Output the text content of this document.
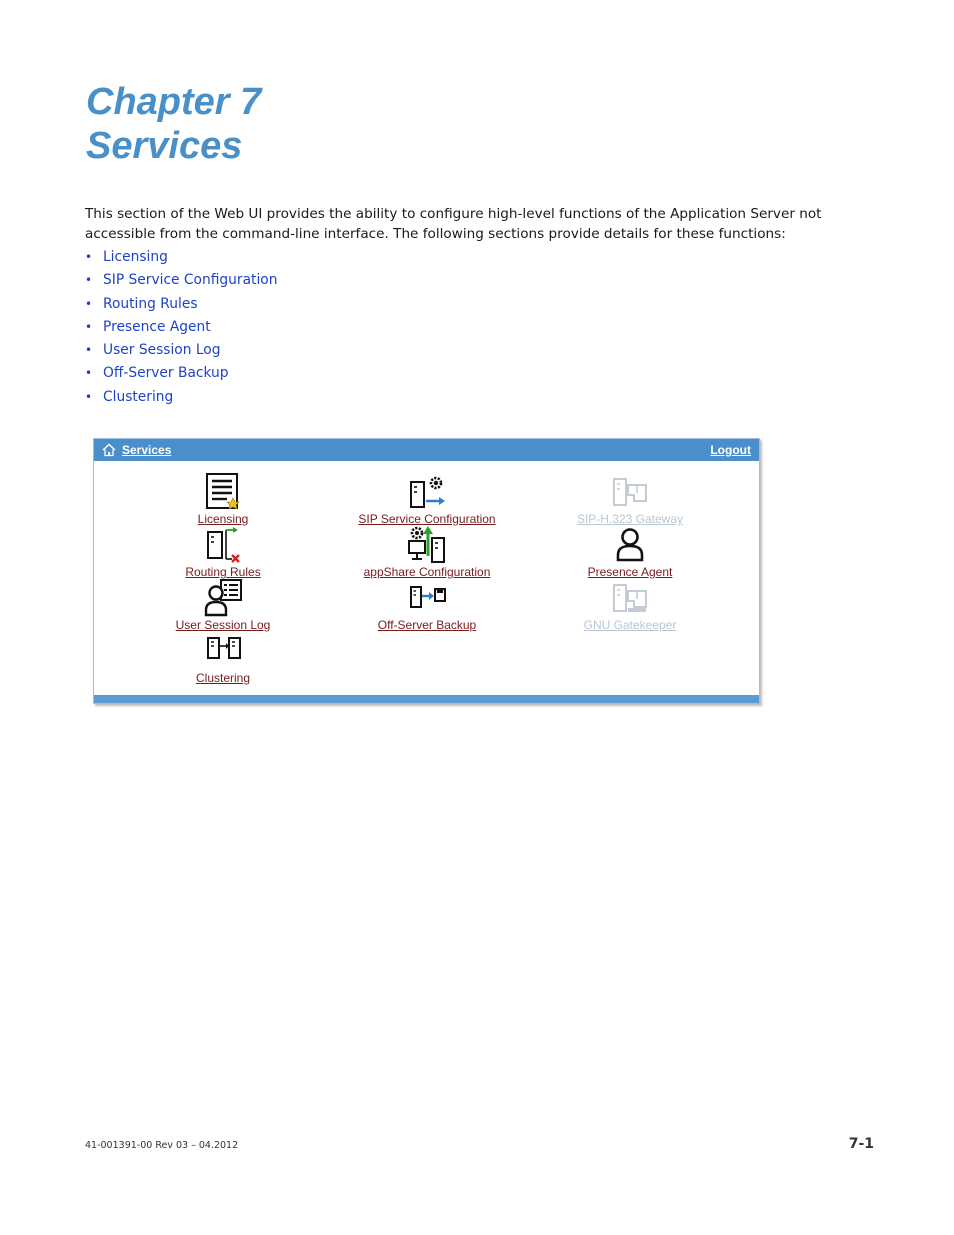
Chapter 7
Services

This section of the Web UI provides the ability to configure high-level functions of the Application Server not accessible from the command-line interface. The following sections provide details for these functions:

• Licensing
• SIP Service Configuration
• Routing Rules
• Presence Agent
• User Session Log
• Off-Server Backup
• Clustering
Services	Logout
Licensing	SIP Service Configuration	SIP-H.323 Gateway
Routing Rules	appShare Configuration	Presence Agent
User Session Log	Off-Server Backup	GNU Gatekeeper
Clustering
41-001391-00 Rev 03 – 04.2012	7-1
